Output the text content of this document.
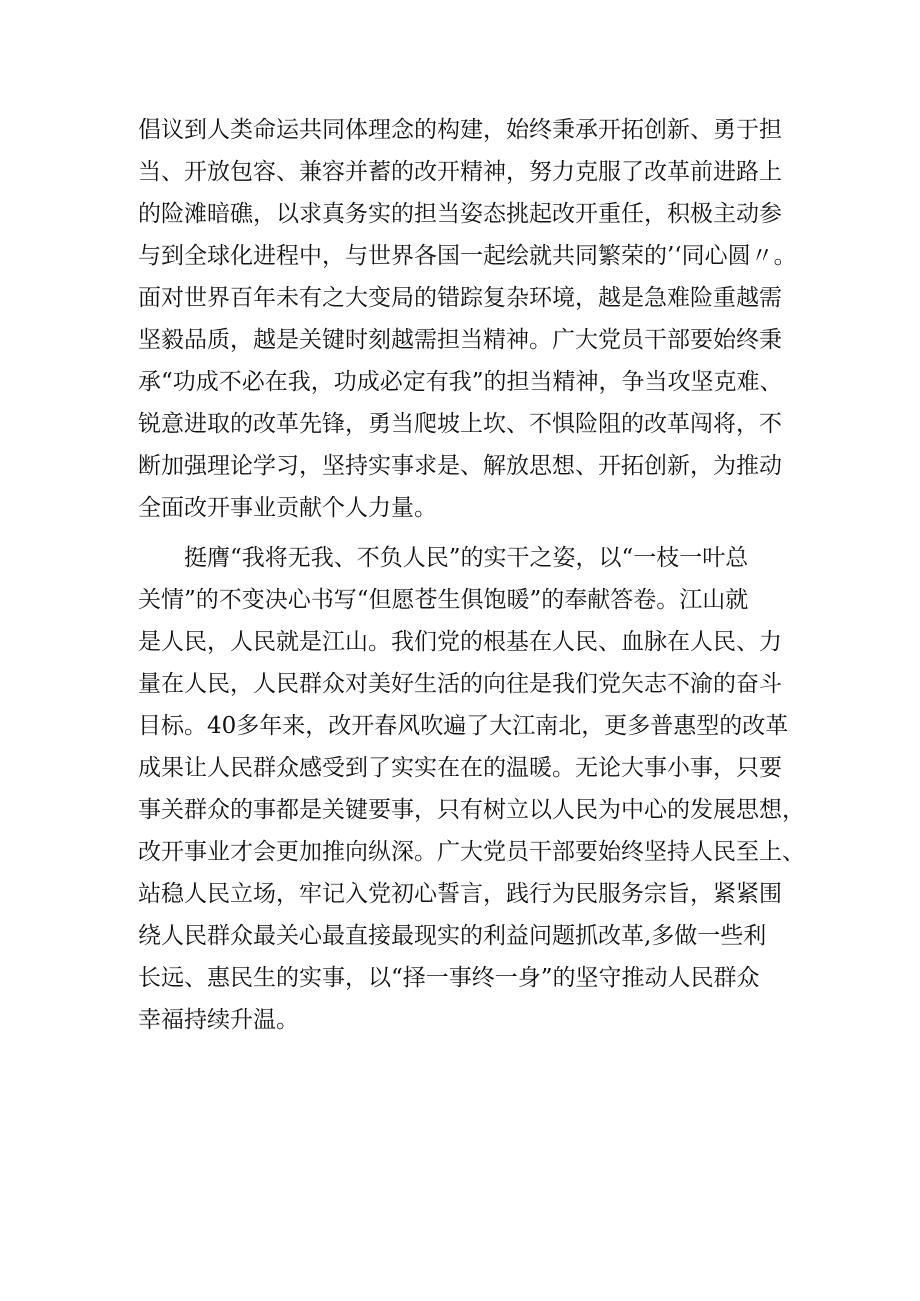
倡议到人类命运共同体理念的构建，始终秉承开拓创新、勇于担
当、开放包容、兼容并蓄的改开精神，努力克服了改革前进路上
的险滩暗礁，以求真务实的担当姿态挑起改开重任，积极主动参
与到全球化进程中，与世界各国一起绘就共同繁荣的’‘同心圆〃。
面对世界百年未有之大变局的错踪复杂环境，越是急难险重越需
坚毅品质，越是关键时刻越需担当精神。广大党员干部要始终秉
承“功成不必在我，功成必定有我”的担当精神，争当攻坚克难、
锐意进取的改革先锋，勇当爬坡上坎、不惧险阻的改革闯将，不
断加强理论学习，坚持实事求是、解放思想、开拓创新，为推动
全面改开事业贡献个人力量。
挺膺“我将无我、不负人民”的实干之姿，以“一枝一叶总
关情”的不变决心书写“但愿苍生俱饱暖”的奉献答卷。江山就
是人民，人民就是江山。我们党的根基在人民、血脉在人民、力
量在人民，人民群众对美好生活的向往是我们党矢志不渝的奋斗
目标。40多年来，改开春风吹遍了大江南北，更多普惠型的改革
成果让人民群众感受到了实实在在的温暖。无论大事小事，只要
事关群众的事都是关键要事，只有树立以人民为中心的发展思想，
改开事业才会更加推向纵深。广大党员干部要始终坚持人民至上、
站稳人民立场，牢记入党初心誓言，践行为民服务宗旨，紧紧围
绕人民群众最关心最直接最现实的利益问题抓改革,多做一些利
长远、惠民生的实事，以“择一事终一身”的坚守推动人民群众
幸福持续升温。
